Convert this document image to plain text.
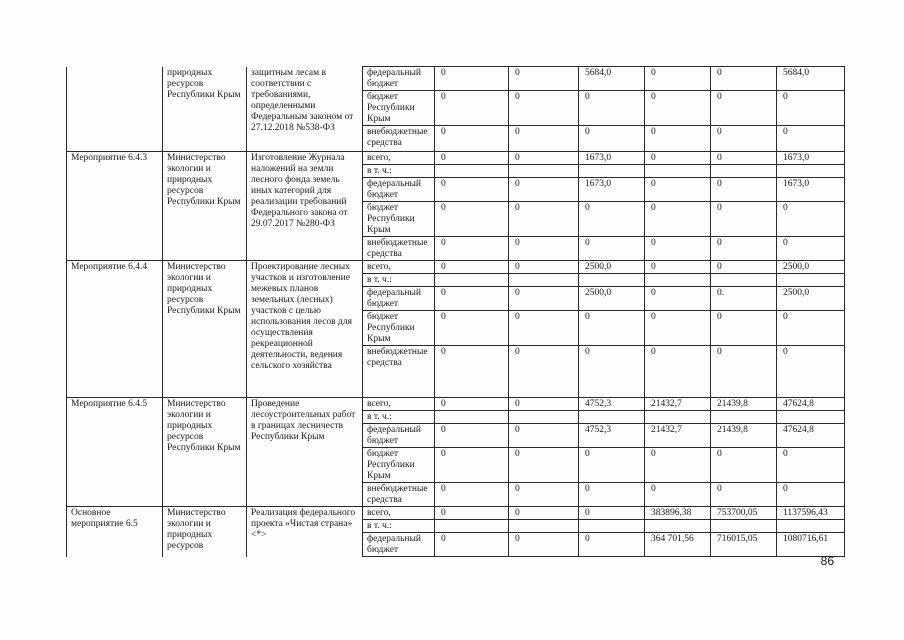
	природных ресурсов Республики Крым	защитным лесам в соответствии с требованиями, определенными Федеральным законом от 27.12.2018 №538-ФЗ	федеральный бюджет	0	0	5684,0	0	0	5684,0
			бюджет Республики Крым	0	0	0	0	0	0
			внебюджетные средства	0	0	0	0	0	0
Мероприятие 6.4.3	Министерство экологии и природных ресурсов Республики Крым	Изготовление Журнала наложений на земли лесного фонда земель иных категорий для реализации требований Федерального закона от 29.07.2017 №280-ФЗ	всего,	0	0	1673,0	0	0	1673,0
			в т. ч.:						
			федеральный бюджет	0	0	1673,0	0	0	1673,0
			бюджет Республики Крым	0	0	0	0	0	0
			внебюджетные средства	0	0	0	0	0	0
Мероприятие 6.4.4	Министерство экологии и природных ресурсов Республики Крым	Проектирование лесных участков и изготовление межевых планов земельных (лесных) участков с целью использования лесов для осуществления рекреационной деятельности, ведения сельского хозяйства	всего,	0	0	2500,0	0	0	2500,0
			в т. ч.:						
			федеральный бюджет	0	0	2500,0	0	0.	2500,0
			бюджет Республики Крым	0	0	0	0	0	0
			внебюджетные средства	0	0	0	0	0	0
Мероприятие 6.4.5	Министерство экологии и природных ресурсов Республики Крым	Проведение лесоустроительных работ в границах лесничеств Республики Крым	всего,	0	0	4752,3	21432,7	21439,8	47624,8
			в т. ч.:						
			федеральный бюджет	0	0	4752,3	21432,7	21439,8	47624,8
			бюджет Республики Крым	0	0	0	0	0	0
			внебюджетные средства	0	0	0	0	0	0
Основное мероприятие 6.5	Министерство экологии и природных ресурсов	Реализация федерального проекта «Чистая страна» <*>	всего,	0	0	0	383896,38	753700,05	1137596,43
			в т. ч.:						
			федеральный бюджет	0	0	0	364 701,56	716015,05	1080716,61
86
